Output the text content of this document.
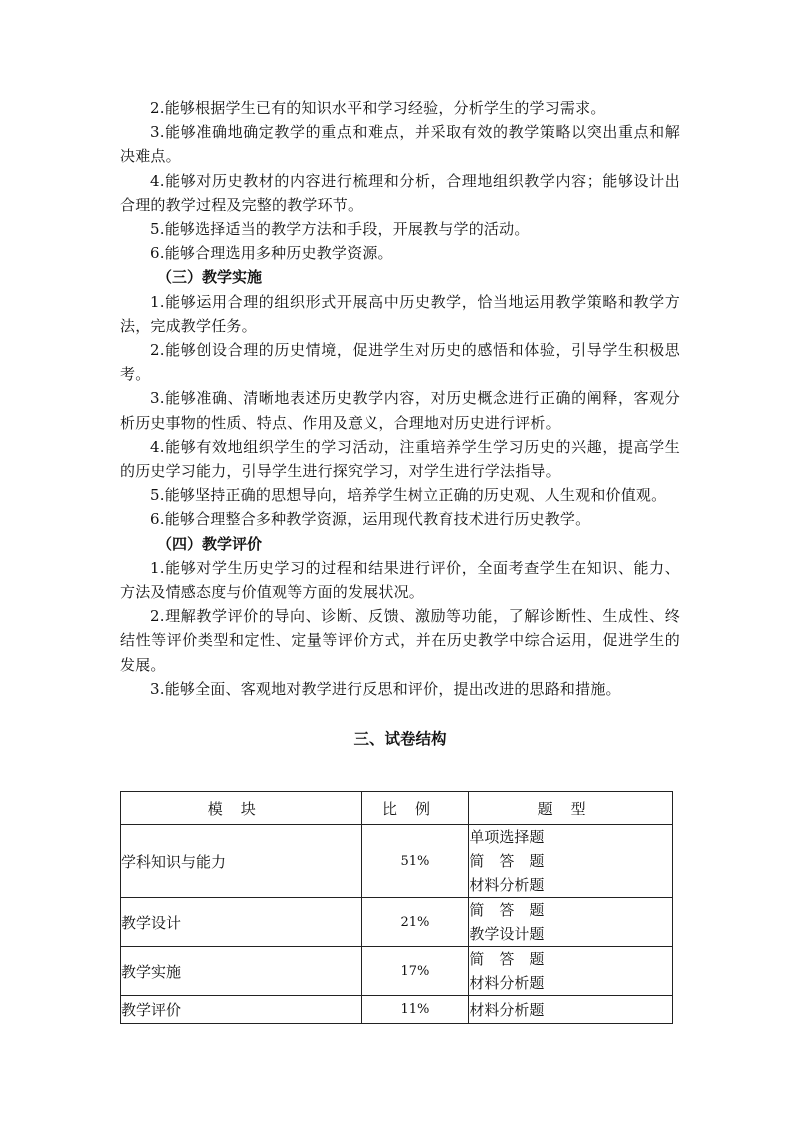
2.能够根据学生已有的知识水平和学习经验，分析学生的学习需求。

3.能够准确地确定教学的重点和难点，并采取有效的教学策略以突出重点和解决难点。

4.能够对历史教材的内容进行梳理和分析，合理地组织教学内容；能够设计出合理的教学过程及完整的教学环节。

5.能够选择适当的教学方法和手段，开展教与学的活动。

6.能够合理选用多种历史教学资源。

（三）教学实施

1.能够运用合理的组织形式开展高中历史教学，恰当地运用教学策略和教学方法，完成教学任务。

2.能够创设合理的历史情境，促进学生对历史的感悟和体验，引导学生积极思考。

3.能够准确、清晰地表述历史教学内容，对历史概念进行正确的阐释，客观分析历史事物的性质、特点、作用及意义，合理地对历史进行评析。

4.能够有效地组织学生的学习活动，注重培养学生学习历史的兴趣，提高学生的历史学习能力，引导学生进行探究学习，对学生进行学法指导。

5.能够坚持正确的思想导向，培养学生树立正确的历史观、人生观和价值观。

6.能够合理整合多种教学资源，运用现代教育技术进行历史教学。

（四）教学评价

1.能够对学生历史学习的过程和结果进行评价，全面考查学生在知识、能力、方法及情感态度与价值观等方面的发展状况。

2.理解教学评价的导向、诊断、反馈、激励等功能，了解诊断性、生成性、终结性等评价类型和定性、定量等评价方式，并在历史教学中综合运用，促进学生的发展。

3.能够全面、客观地对教学进行反思和评价，提出改进的思路和措施。

三、试卷结构
模块	比例	题型
学科知识与能力	51%	单项选择题
简　答　题
材料分析题

教学设计	21%	简　答　题
教学设计题

教学实施	17%	简　答　题
材料分析题

教学评价	11%	材料分析题
